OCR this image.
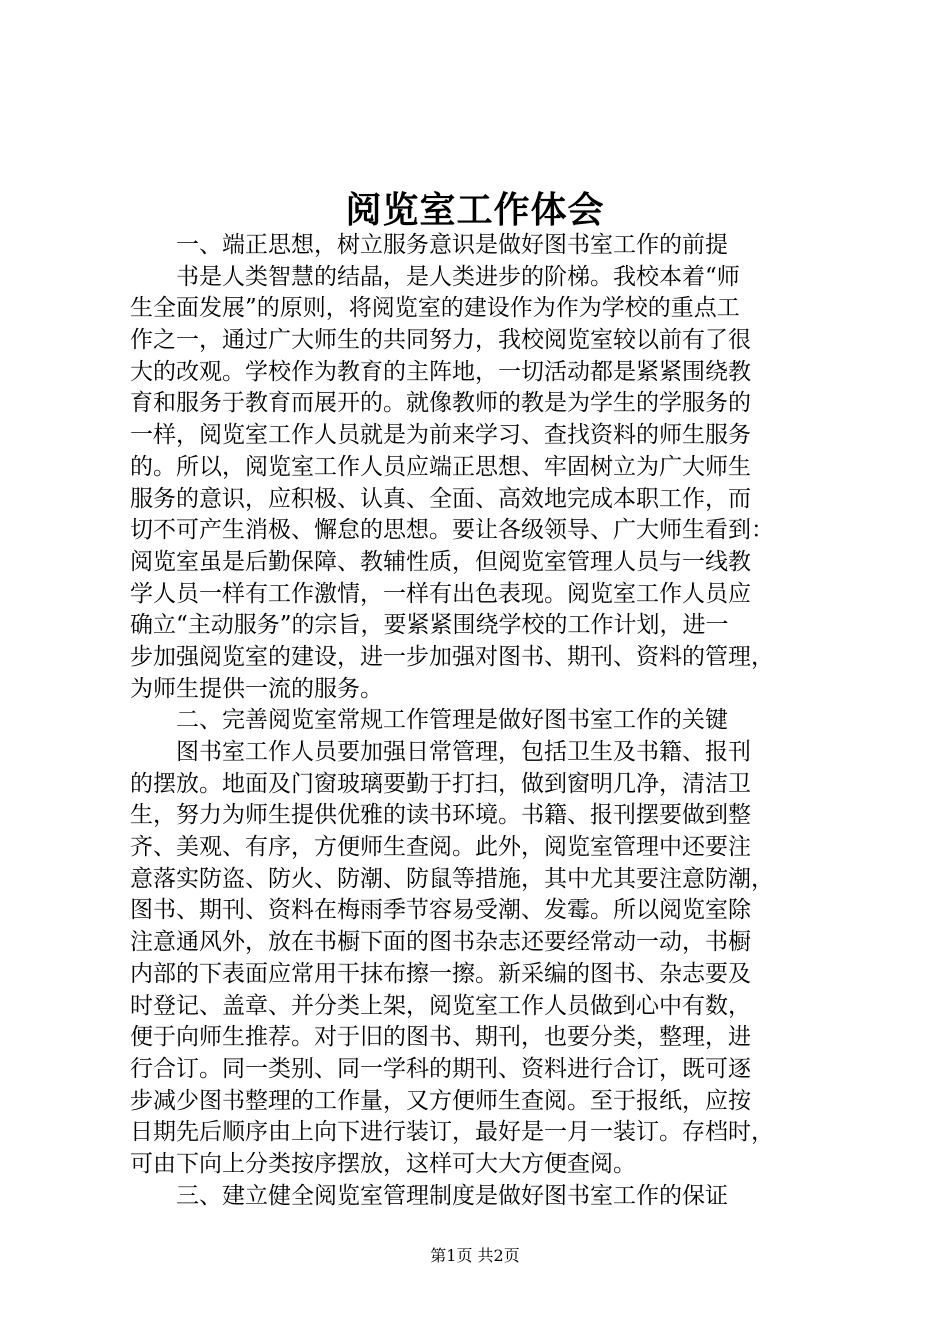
阅览室工作体会
一、端正思想，树立服务意识是做好图书室工作的前提
书是人类智慧的结晶，是人类进步的阶梯。我校本着“师
生全面发展”的原则，将阅览室的建设作为作为学校的重点工
作之一，通过广大师生的共同努力，我校阅览室较以前有了很
大的改观。学校作为教育的主阵地，一切活动都是紧紧围绕教
育和服务于教育而展开的。就像教师的教是为学生的学服务的
一样，阅览室工作人员就是为前来学习、查找资料的师生服务
的。所以，阅览室工作人员应端正思想、牢固树立为广大师生
服务的意识，应积极、认真、全面、高效地完成本职工作，而
切不可产生消极、懈怠的思想。要让各级领导、广大师生看到：
阅览室虽是后勤保障、教辅性质，但阅览室管理人员与一线教
学人员一样有工作激情，一样有出色表现。阅览室工作人员应
确立“主动服务”的宗旨，要紧紧围绕学校的工作计划，进一
步加强阅览室的建设，进一步加强对图书、期刊、资料的管理，
为师生提供一流的服务。
二、完善阅览室常规工作管理是做好图书室工作的关键
图书室工作人员要加强日常管理，包括卫生及书籍、报刊
的摆放。地面及门窗玻璃要勤于打扫，做到窗明几净，清洁卫
生，努力为师生提供优雅的读书环境。书籍、报刊摆要做到整
齐、美观、有序，方便师生查阅。此外，阅览室管理中还要注
意落实防盗、防火、防潮、防鼠等措施，其中尤其要注意防潮，
图书、期刊、资料在梅雨季节容易受潮、发霉。所以阅览室除
注意通风外，放在书橱下面的图书杂志还要经常动一动，书橱
内部的下表面应常用干抹布擦一擦。新采编的图书、杂志要及
时登记、盖章、并分类上架，阅览室工作人员做到心中有数，
便于向师生推荐。对于旧的图书、期刊，也要分类，整理，进
行合订。同一类别、同一学科的期刊、资料进行合订，既可逐
步减少图书整理的工作量，又方便师生查阅。至于报纸，应按
日期先后顺序由上向下进行装订，最好是一月一装订。存档时，
可由下向上分类按序摆放，这样可大大方便查阅。
三、建立健全阅览室管理制度是做好图书室工作的保证
第1页 共2页
